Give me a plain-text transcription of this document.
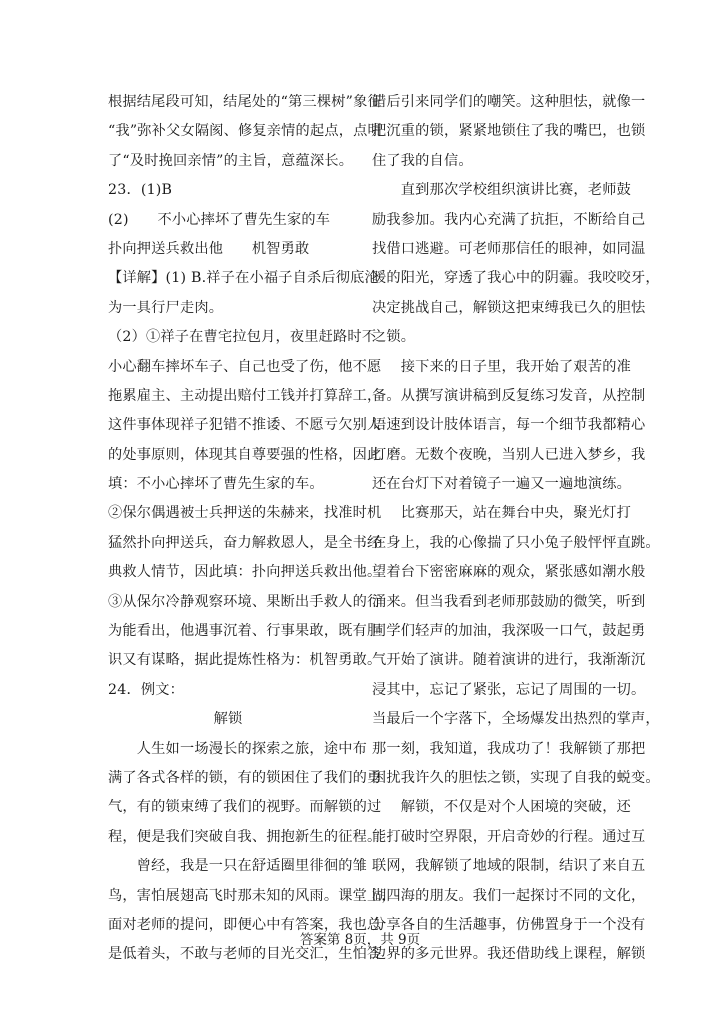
根据结尾段可知，结尾处的“第三棵树”象征
“我”弥补父女隔阂、修复亲情的起点，点明
了“及时挽回亲情”的主旨，意蕴深长。
23．(1)B
(2)　　不小心摔坏了曹先生家的车
扑向押送兵救出他　　机智勇敢
【详解】(1) B.祥子在小福子自杀后彻底沦
为一具行尸走肉。
（2）①祥子在曹宅拉包月，夜里赶路时不
小心翻车摔坏车子、自己也受了伤，他不愿
拖累雇主、主动提出赔付工钱并打算辞工，
这件事体现祥子犯错不推诿、不愿亏欠别人
的处事原则，体现其自尊要强的性格，因此
填：不小心摔坏了曹先生家的车。
②保尔偶遇被士兵押送的朱赫来，找准时机
猛然扑向押送兵，奋力解救恩人，是全书经
典救人情节，因此填：扑向押送兵救出他。
③从保尔冷静观察环境、果断出手救人的行
为能看出，他遇事沉着、行事果敢，既有胆
识又有谋略，据此提炼性格为：机智勇敢。
24．例文：
解锁
　　人生如一场漫长的探索之旅，途中布
满了各式各样的锁，有的锁困住了我们的勇
气，有的锁束缚了我们的视野。而解锁的过
程，便是我们突破自我、拥抱新生的征程。
　　曾经，我是一只在舒适圈里徘徊的雏
鸟，害怕展翅高飞时那未知的风雨。课堂上，
面对老师的提问，即便心中有答案，我也总
是低着头，不敢与老师的目光交汇，生怕答
错后引来同学们的嘲笑。这种胆怯，就像一
把沉重的锁，紧紧地锁住了我的嘴巴，也锁
住了我的自信。
　　直到那次学校组织演讲比赛，老师鼓
励我参加。我内心充满了抗拒，不断给自己
找借口逃避。可老师那信任的眼神，如同温
暖的阳光，穿透了我心中的阴霾。我咬咬牙，
决定挑战自己，解锁这把束缚我已久的胆怯
之锁。
　　接下来的日子里，我开始了艰苦的准
备。从撰写演讲稿到反复练习发音，从控制
语速到设计肢体语言，每一个细节我都精心
打磨。无数个夜晚，当别人已进入梦乡，我
还在台灯下对着镜子一遍又一遍地演练。
　　比赛那天，站在舞台中央，聚光灯打
在身上，我的心像揣了只小兔子般怦怦直跳。
望着台下密密麻麻的观众，紧张感如潮水般
涌来。但当我看到老师那鼓励的微笑，听到
同学们轻声的加油，我深吸一口气，鼓起勇
气开始了演讲。随着演讲的进行，我渐渐沉
浸其中，忘记了紧张，忘记了周围的一切。
当最后一个字落下，全场爆发出热烈的掌声，
那一刻，我知道，我成功了！我解锁了那把
困扰我许久的胆怯之锁，实现了自我的蜕变。
　　解锁，不仅是对个人困境的突破，还
能打破时空界限，开启奇妙的行程。通过互
联网，我解锁了地域的限制，结识了来自五
湖四海的朋友。我们一起探讨不同的文化，
分享各自的生活趣事，仿佛置身于一个没有
边界的多元世界。我还借助线上课程，解锁
答案第 8页，共 9页
